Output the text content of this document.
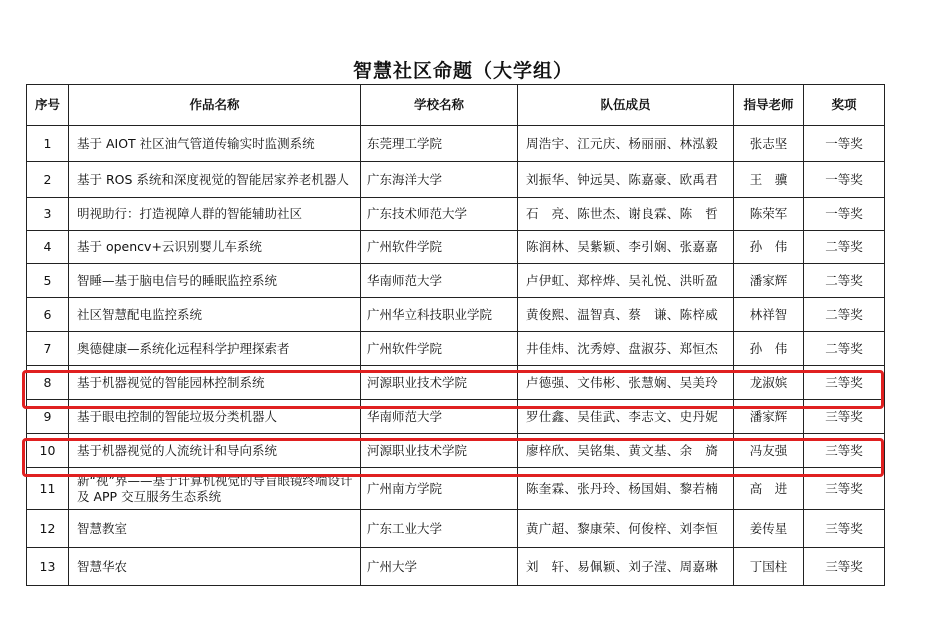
智慧社区命题（大学组）
序号	作品名称	学校名称	队伍成员	指导老师	奖项
1	基于 AIOT 社区油气管道传输实时监测系统	东莞理工学院	周浩宇、江元庆、杨丽丽、林泓毅	张志坚	一等奖
2	基于 ROS 系统和深度视觉的智能居家养老机器人	广东海洋大学	刘振华、钟远昊、陈嘉豪、欧禹君	王　骥	一等奖
3	明视助行：打造视障人群的智能辅助社区	广东技术师范大学	石　亮、陈世杰、谢良霖、陈　哲	陈荣军	一等奖
4	基于 opencv+云识别婴儿车系统	广州软件学院	陈润林、吴紫颖、李引娴、张嘉嘉	孙　伟	二等奖
5	智睡—基于脑电信号的睡眠监控系统	华南师范大学	卢伊虹、郑梓烨、吴礼悦、洪昕盈	潘家辉	二等奖
6	社区智慧配电监控系统	广州华立科技职业学院	黄俊熙、温智真、蔡　谦、陈梓威	林祥智	二等奖
7	奥德健康—系统化远程科学护理探索者	广州软件学院	井佳炜、沈秀婷、盘淑芬、郑恒杰	孙　伟	二等奖
8	基于机器视觉的智能园林控制系统	河源职业技术学院	卢德强、文伟彬、张慧娴、吴美玲	龙淑嫔	三等奖
9	基于眼电控制的智能垃圾分类机器人	华南师范大学	罗仕鑫、吴佳武、李志文、史丹妮	潘家辉	三等奖
10	基于机器视觉的人流统计和导向系统	河源职业技术学院	廖梓欣、吴铭集、黄文基、余　旖	冯友强	三等奖
11	新“视”界——基于计算机视觉的导盲眼镜终端设计及 APP 交互服务生态系统	广州南方学院	陈奎霖、张丹玲、杨国娟、黎若楠	高　进	三等奖
12	智慧教室	广东工业大学	黄广超、黎康荣、何俊梓、刘李恒	姜传星	三等奖
13	智慧华农	广州大学	刘　轩、易佩颖、刘子滢、周嘉琳	丁国柱	三等奖
